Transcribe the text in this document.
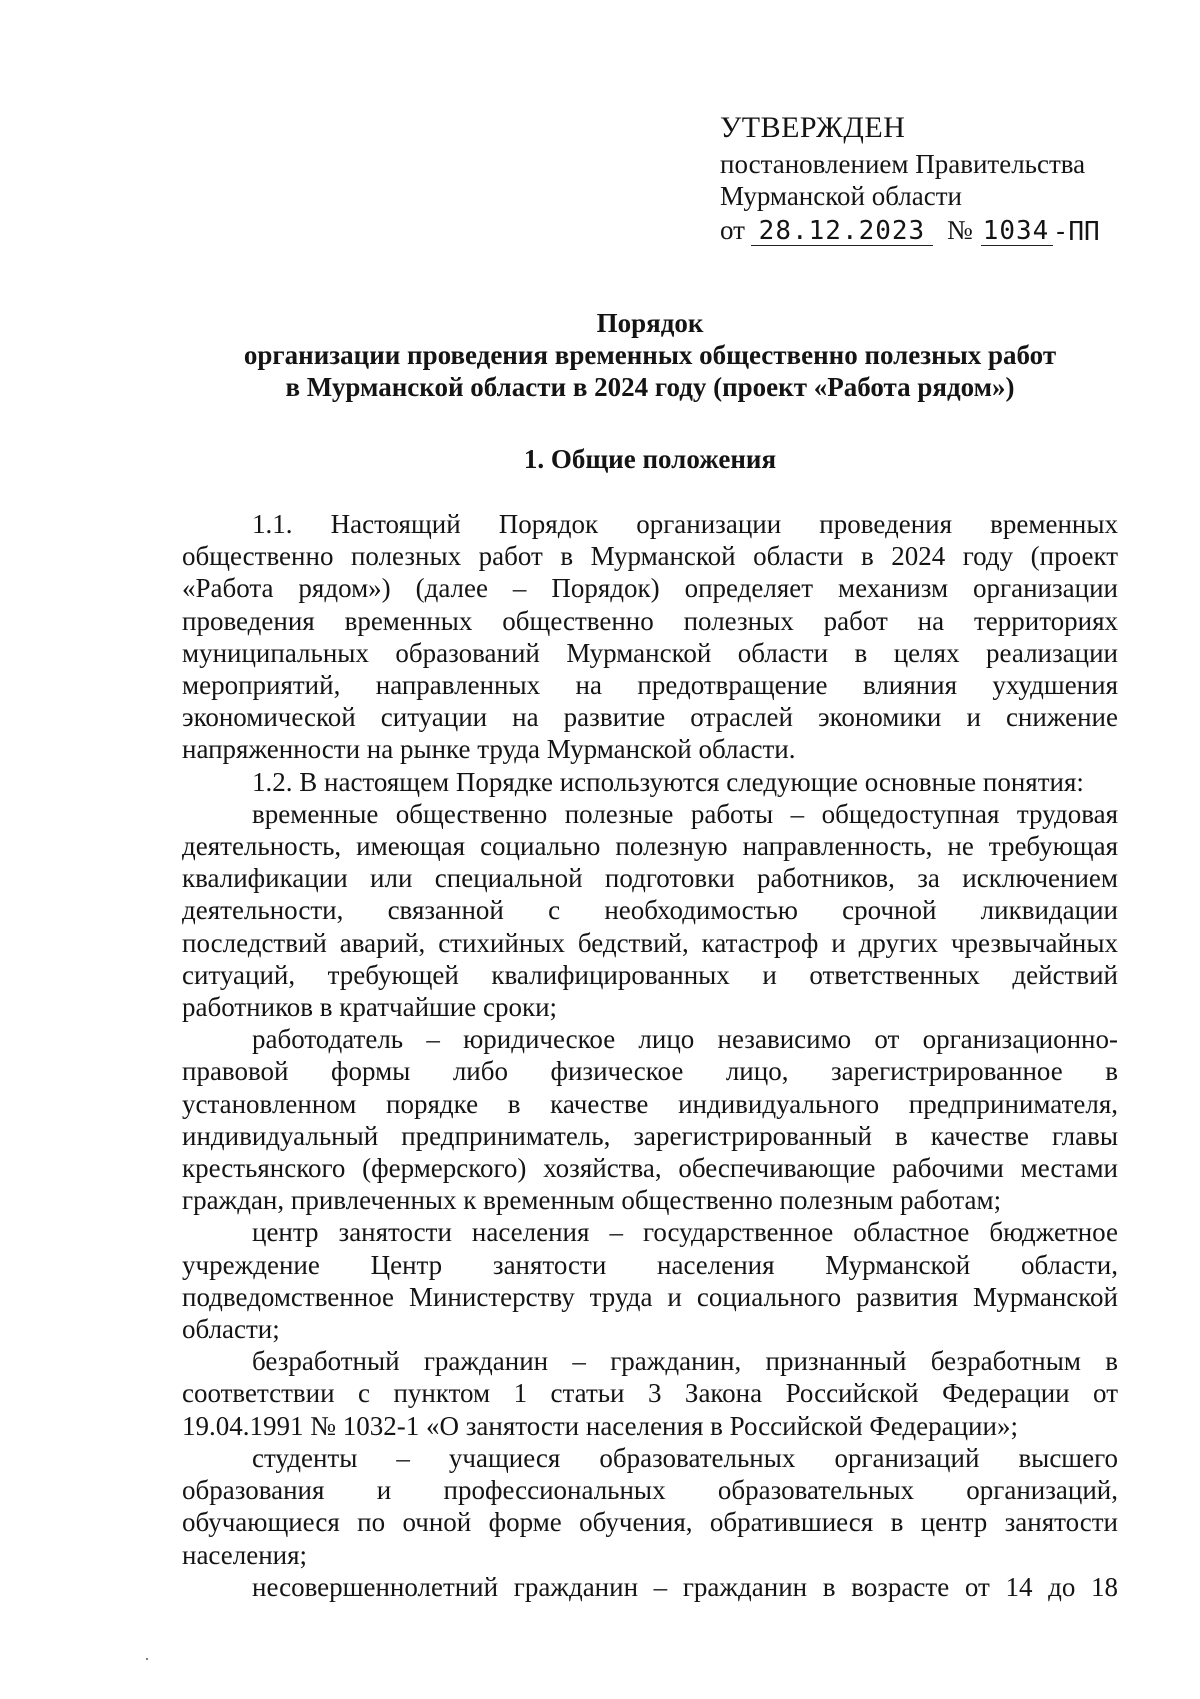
УТВЕРЖДЕН
постановлением Правительства
Мурманской области
от 28.12.2023 № 1034 -ПП
Порядок
организации проведения временных общественно полезных работ
в Мурманской области в 2024 году (проект «Работа рядом»)
1. Общие положения

1.1. Настоящий Порядок организации проведения временных

общественно полезных работ в Мурманской области в 2024 году (проект

«Работа рядом») (далее – Порядок) определяет механизм организации

проведения временных общественно полезных работ на территориях

муниципальных образований Мурманской области в целях реализации

мероприятий, направленных на предотвращение влияния ухудшения

экономической ситуации на развитие отраслей экономики и снижение

напряженности на рынке труда Мурманской области.

1.2. В настоящем Порядке используются следующие основные понятия:

временные общественно полезные работы – общедоступная трудовая

деятельность, имеющая социально полезную направленность, не требующая

квалификации или специальной подготовки работников, за исключением

деятельности, связанной с необходимостью срочной ликвидации

последствий аварий, стихийных бедствий, катастроф и других чрезвычайных

ситуаций, требующей квалифицированных и ответственных действий

работников в кратчайшие сроки;

работодатель – юридическое лицо независимо от организационно-

правовой формы либо физическое лицо, зарегистрированное в

установленном порядке в качестве индивидуального предпринимателя,

индивидуальный предприниматель, зарегистрированный в качестве главы

крестьянского (фермерского) хозяйства, обеспечивающие рабочими местами

граждан, привлеченных к временным общественно полезным работам;

центр занятости населения – государственное областное бюджетное

учреждение Центр занятости населения Мурманской области,

подведомственное Министерству труда и социального развития Мурманской

области;

безработный гражданин – гражданин, признанный безработным в

соответствии с пунктом 1 статьи 3 Закона Российской Федерации от

19.04.1991 № 1032-1 «О занятости населения в Российской Федерации»;

студенты – учащиеся образовательных организаций высшего

образования и профессиональных образовательных организаций,

обучающиеся по очной форме обучения, обратившиеся в центр занятости

населения;

несовершеннолетний гражданин – гражданин в возрасте от 14 до 18
